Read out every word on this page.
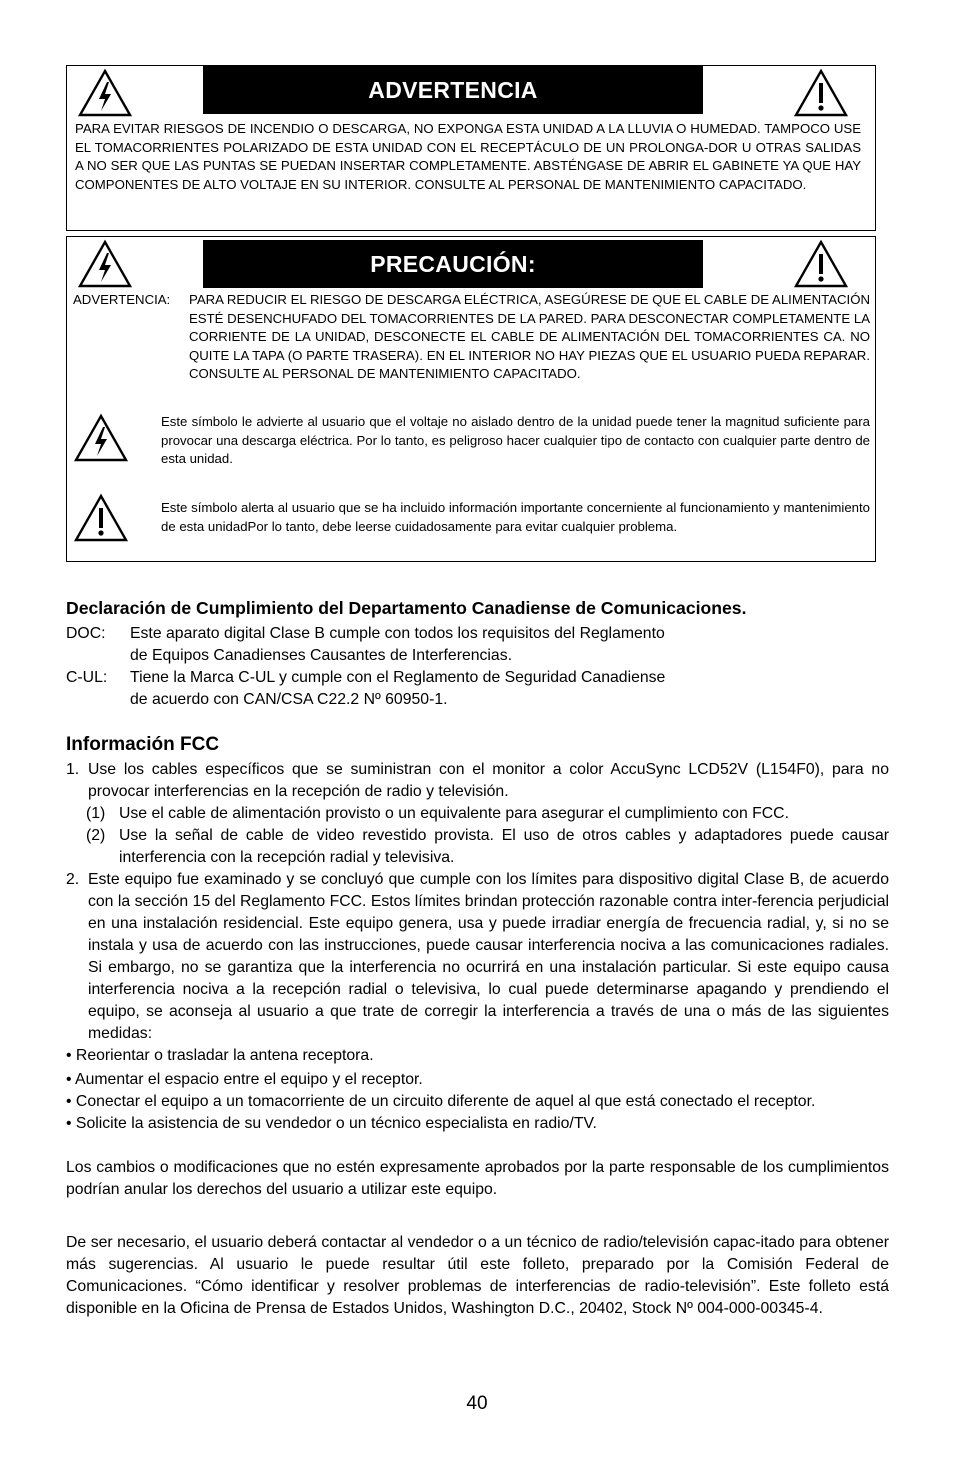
ADVERTENCIA
PARA EVITAR RIESGOS DE INCENDIO O DESCARGA, NO EXPONGA ESTA UNIDAD A LA LLUVIA O HUMEDAD. TAMPOCO USE EL TOMACORRIENTES POLARIZADO DE ESTA UNIDAD CON EL RECEPTÁCULO DE UN PROLONGA-DOR U OTRAS SALIDAS A NO SER QUE LAS PUNTAS SE PUEDAN INSERTAR COMPLETAMENTE. ABSTÉNGASE DE ABRIR EL GABINETE YA QUE HAY COMPONENTES DE ALTO VOLTAJE EN SU INTERIOR. CONSULTE AL PERSONAL DE MANTENIMIENTO CAPACITADO.
PRECAUCIÓN:
ADVERTENCIA: PARA REDUCIR EL RIESGO DE DESCARGA ELÉCTRICA, ASEGÚRESE DE QUE EL CABLE DE ALIMENTACIÓN ESTÉ DESENCHUFADO DEL TOMACORRIENTES DE LA PARED. PARA DESCONECTAR COMPLETAMENTE LA CORRIENTE DE LA UNIDAD, DESCONECTE EL CABLE DE ALIMENTACIÓN DEL TOMACORRIENTES CA. NO QUITE LA TAPA (O PARTE TRASERA). EN EL INTERIOR NO HAY PIEZAS QUE EL USUARIO PUEDA REPARAR. CONSULTE AL PERSONAL DE MANTENIMIENTO CAPACITADO.
Este símbolo le advierte al usuario que el voltaje no aislado dentro de la unidad puede tener la magnitud suficiente para provocar una descarga eléctrica. Por lo tanto, es peligroso hacer cualquier tipo de contacto con cualquier parte dentro de esta unidad.
Este símbolo alerta al usuario que se ha incluido información importante concerniente al funcionamiento y mantenimiento de esta unidadPor lo tanto, debe leerse cuidadosamente para evitar cualquier problema.
Declaración de Cumplimiento del Departamento Canadiense de Comunicaciones.
DOC: Este aparato digital Clase B cumple con todos los requisitos del Reglamento
de Equipos Canadienses Causantes de Interferencias.
C-UL: Tiene la Marca C-UL y cumple con el Reglamento de Seguridad Canadiense
de acuerdo con CAN/CSA C22.2 Nº 60950-1.
Información FCC
1. Use los cables específicos que se suministran con el monitor a color AccuSync LCD52V (L154F0), para no provocar interferencias en la recepción de radio y televisión.
(1) Use el cable de alimentación provisto o un equivalente para asegurar el cumplimiento con FCC.
(2) Use la señal de cable de video revestido provista. El uso de otros cables y adaptadores puede causar interferencia con la recepción radial y televisiva.
2. Este equipo fue examinado y se concluyó que cumple con los límites para dispositivo digital Clase B, de acuerdo con la sección 15 del Reglamento FCC. Estos límites brindan protección razonable contra inter-ferencia perjudicial en una instalación residencial. Este equipo genera, usa y puede irradiar energía de frecuencia radial, y, si no se instala y usa de acuerdo con las instrucciones, puede causar interferencia nociva a las comunicaciones radiales. Si embargo, no se garantiza que la interferencia no ocurrirá en una instalación particular. Si este equipo causa interferencia nociva a la recepción radial o televisiva, lo cual puede determinarse apagando y prendiendo el equipo, se aconseja al usuario a que trate de corregir la interferencia a través de una o más de las siguientes medidas:
• Reorientar o trasladar la antena receptora.
• Aumentar el espacio entre el equipo y el receptor.
• Conectar el equipo a un tomacorriente de un circuito diferente de aquel al que está conectado el receptor.
• Solicite la asistencia de su vendedor o un técnico especialista en radio/TV.
Los cambios o modificaciones que no estén expresamente aprobados por la parte responsable de los cumplimientos podrían anular los derechos del usuario a utilizar este equipo.
De ser necesario, el usuario deberá contactar al vendedor o a un técnico de radio/televisión capac-itado para obtener más sugerencias. Al usuario le puede resultar útil este folleto, preparado por la Comisión Federal de Comunicaciones. “Cómo identificar y resolver problemas de interferencias de radio-televisión”. Este folleto está disponible en la Oficina de Prensa de Estados Unidos, Washington D.C., 20402, Stock Nº 004-000-00345-4.
40
